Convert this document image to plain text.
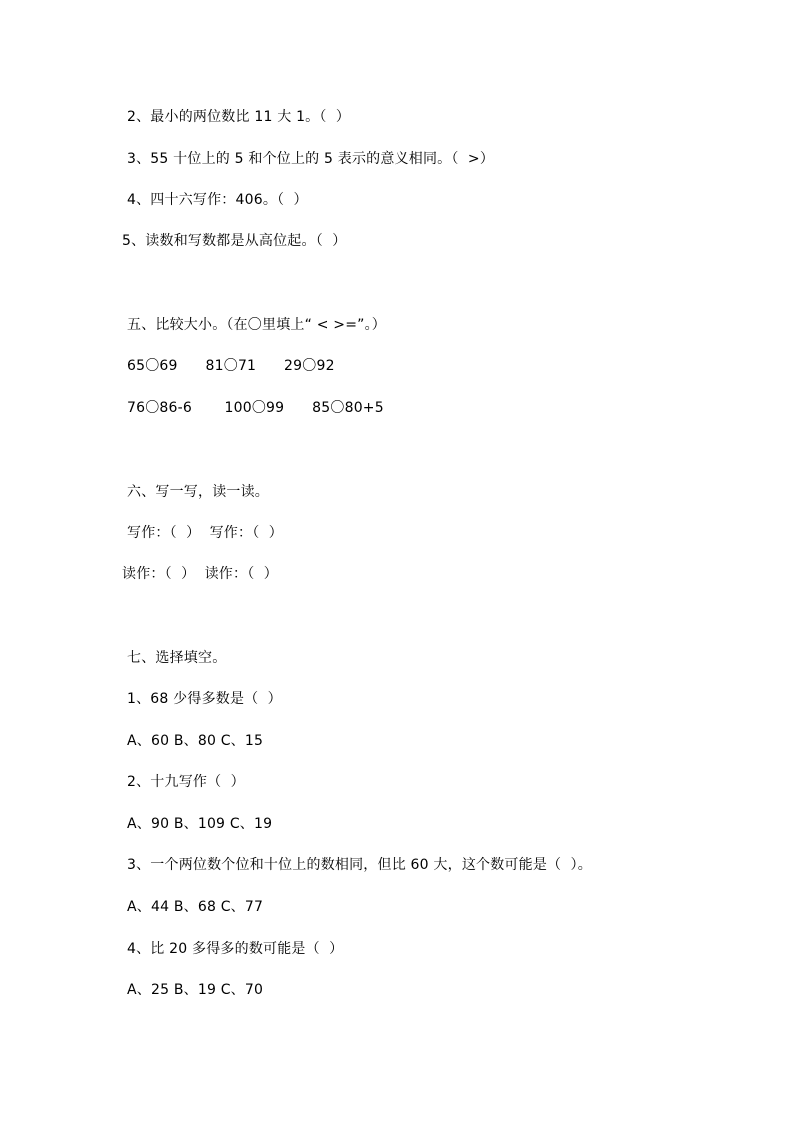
2、最小的两位数比 11 大 1。（  ）
3、55 十位上的 5 和个位上的 5 表示的意义相同。（  >）
4、四十六写作：406。（  ）
5、读数和写数都是从高位起。（  ）
五、比较大小。（在〇里填上“ < >=”。）
65〇69      81〇71      29〇92
76〇86-6       100〇99      85〇80+5
六、写一写，读一读。
写作：（  ）  写作：（  ）
读作：（  ）  读作：（  ）
七、选择填空。
1、68 少得多数是（  ）
A、60 B、80 C、15
2、十九写作（  ）
A、90 B、109 C、19
3、一个两位数个位和十位上的数相同，但比 60 大，这个数可能是（  ）。
A、44 B、68 C、77
4、比 20 多得多的数可能是（  ）
A、25 B、19 C、70
